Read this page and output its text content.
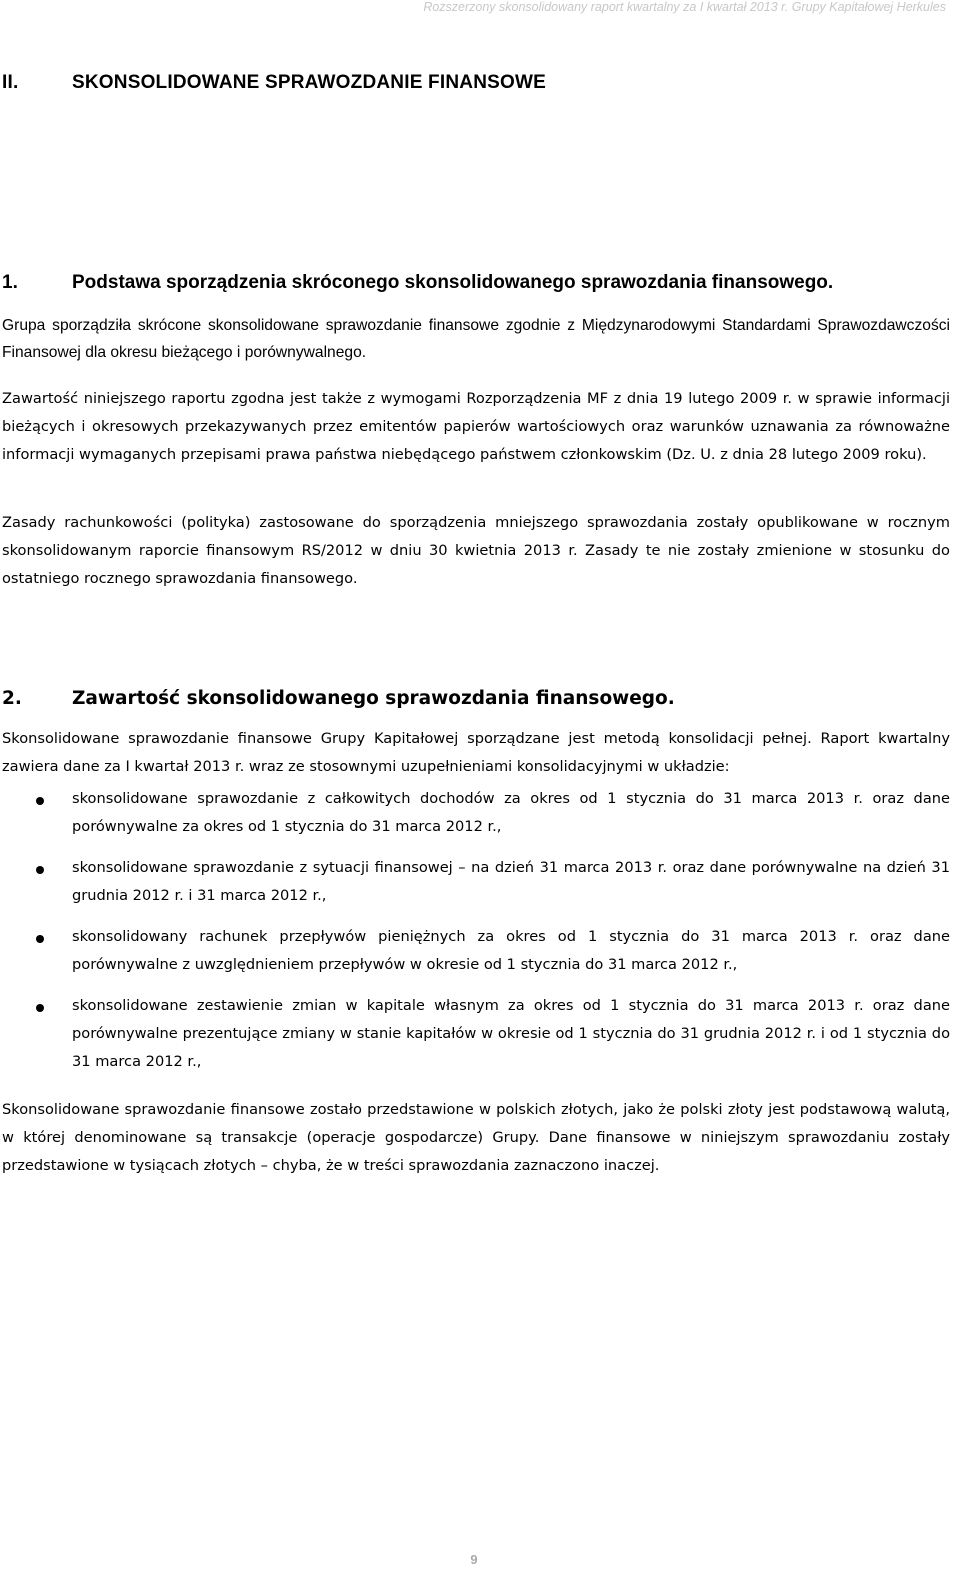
Rozszerzony skonsolidowany raport kwartalny za I kwartał 2013 r. Grupy Kapitałowej Herkules
II.	SKONSOLIDOWANE SPRAWOZDANIE FINANSOWE
1.	Podstawa sporządzenia skróconego skonsolidowanego sprawozdania finansowego.

Grupa sporządziła skrócone skonsolidowane sprawozdanie finansowe zgodnie z Międzynarodowymi Standardami Sprawozdawczości Finansowej dla okresu bieżącego i porównywalnego.

Zawartość niniejszego raportu zgodna jest także z wymogami Rozporządzenia MF z dnia 19 lutego 2009 r. w sprawie informacji bieżących i okresowych przekazywanych przez emitentów papierów wartościowych oraz warunków uznawania za równoważne informacji wymaganych przepisami prawa państwa niebędącego państwem członkowskim (Dz. U. z dnia 28 lutego 2009 roku).

Zasady rachunkowości (polityka) zastosowane do sporządzenia mniejszego sprawozdania zostały opublikowane w rocznym skonsolidowanym raporcie finansowym RS/2012 w dniu 30 kwietnia 2013 r. Zasady te nie zostały zmienione w stosunku do ostatniego rocznego sprawozdania finansowego.

2.	Zawartość skonsolidowanego sprawozdania finansowego.

Skonsolidowane sprawozdanie finansowe Grupy Kapitałowej sporządzane jest metodą konsolidacji pełnej. Raport kwartalny zawiera dane za I kwartał 2013 r. wraz ze stosownymi uzupełnieniami konsolidacyjnymi w układzie:

skonsolidowane sprawozdanie z całkowitych dochodów za okres od 1 stycznia do 31 marca 2013 r. oraz dane porównywalne za okres od 1 stycznia do 31 marca 2012 r.,
skonsolidowane sprawozdanie z sytuacji finansowej – na dzień 31 marca 2013 r. oraz dane porównywalne na dzień 31 grudnia 2012 r. i 31 marca 2012 r.,
skonsolidowany rachunek przepływów pieniężnych za okres od 1 stycznia do 31 marca 2013 r. oraz dane porównywalne z uwzględnieniem przepływów w okresie od 1 stycznia do 31 marca 2012 r.,
skonsolidowane zestawienie zmian w kapitale własnym za okres od 1 stycznia do 31 marca 2013 r. oraz dane porównywalne prezentujące zmiany w stanie kapitałów w okresie od 1 stycznia do 31 grudnia 2012 r. i od 1 stycznia do 31 marca 2012 r.,

Skonsolidowane sprawozdanie finansowe zostało przedstawione w polskich złotych, jako że polski złoty jest podstawową walutą, w której denominowane są transakcje (operacje gospodarcze) Grupy. Dane finansowe w niniejszym sprawozdaniu zostały przedstawione w tysiącach złotych – chyba, że w treści sprawozdania zaznaczono inaczej.

9
